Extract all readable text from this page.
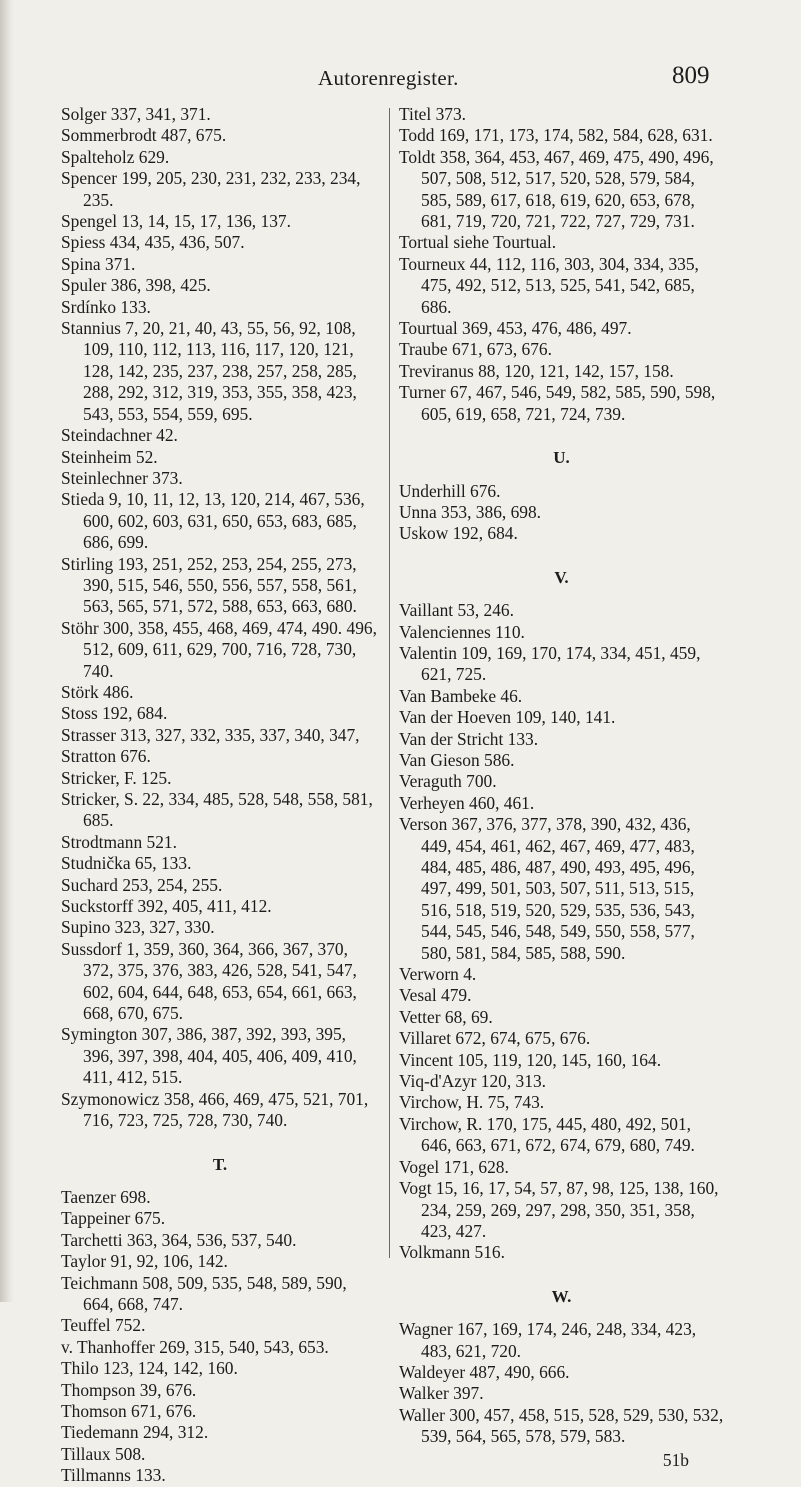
Autorenregister.	809

Solger 337, 341, 371.

Sommerbrodt 487, 675.

Spalteholz 629.

Spencer 199, 205, 230, 231, 232, 233, 234, 235.

Spengel 13, 14, 15, 17, 136, 137.

Spiess 434, 435, 436, 507.

Spina 371.

Spuler 386, 398, 425.

Srdínko 133.

Stannius 7, 20, 21, 40, 43, 55, 56, 92, 108, 109, 110, 112, 113, 116, 117, 120, 121, 128, 142, 235, 237, 238, 257, 258, 285, 288, 292, 312, 319, 353, 355, 358, 423, 543, 553, 554, 559, 695.

Steindachner 42.

Steinheim 52.

Steinlechner 373.

Stieda 9, 10, 11, 12, 13, 120, 214, 467, 536, 600, 602, 603, 631, 650, 653, 683, 685, 686, 699.

Stirling 193, 251, 252, 253, 254, 255, 273, 390, 515, 546, 550, 556, 557, 558, 561, 563, 565, 571, 572, 588, 653, 663, 680.

Stöhr 300, 358, 455, 468, 469, 474, 490. 496, 512, 609, 611, 629, 700, 716, 728, 730, 740.

Störk 486.

Stoss 192, 684.

Strasser 313, 327, 332, 335, 337, 340, 347,

Stratton 676.

Stricker, F. 125.

Stricker, S. 22, 334, 485, 528, 548, 558, 581, 685.

Strodtmann 521.

Studnička 65, 133.

Suchard 253, 254, 255.

Suckstorff 392, 405, 411, 412.

Supino 323, 327, 330.

Sussdorf 1, 359, 360, 364, 366, 367, 370, 372, 375, 376, 383, 426, 528, 541, 547, 602, 604, 644, 648, 653, 654, 661, 663, 668, 670, 675.

Symington 307, 386, 387, 392, 393, 395, 396, 397, 398, 404, 405, 406, 409, 410, 411, 412, 515.

Szymonowicz 358, 466, 469, 475, 521, 701, 716, 723, 725, 728, 730, 740.

T.

Taenzer 698.

Tappeiner 675.

Tarchetti 363, 364, 536, 537, 540.

Taylor 91, 92, 106, 142.

Teichmann 508, 509, 535, 548, 589, 590, 664, 668, 747.

Teuffel 752.

v. Thanhoffer 269, 315, 540, 543, 653.

Thilo 123, 124, 142, 160.

Thompson 39, 676.

Thomson 671, 676.

Tiedemann 294, 312.

Tillaux 508.

Tillmanns 133.

Titel 373.

Todd 169, 171, 173, 174, 582, 584, 628, 631.

Toldt 358, 364, 453, 467, 469, 475, 490, 496, 507, 508, 512, 517, 520, 528, 579, 584, 585, 589, 617, 618, 619, 620, 653, 678, 681, 719, 720, 721, 722, 727, 729, 731.

Tortual siehe Tourtual.

Tourneux 44, 112, 116, 303, 304, 334, 335, 475, 492, 512, 513, 525, 541, 542, 685, 686.

Tourtual 369, 453, 476, 486, 497.

Traube 671, 673, 676.

Treviranus 88, 120, 121, 142, 157, 158.

Turner 67, 467, 546, 549, 582, 585, 590, 598, 605, 619, 658, 721, 724, 739.

U.

Underhill 676.

Unna 353, 386, 698.

Uskow 192, 684.

V.

Vaillant 53, 246.

Valenciennes 110.

Valentin 109, 169, 170, 174, 334, 451, 459, 621, 725.

Van Bambeke 46.

Van der Hoeven 109, 140, 141.

Van der Stricht 133.

Van Gieson 586.

Veraguth 700.

Verheyen 460, 461.

Verson 367, 376, 377, 378, 390, 432, 436, 449, 454, 461, 462, 467, 469, 477, 483, 484, 485, 486, 487, 490, 493, 495, 496, 497, 499, 501, 503, 507, 511, 513, 515, 516, 518, 519, 520, 529, 535, 536, 543, 544, 545, 546, 548, 549, 550, 558, 577, 580, 581, 584, 585, 588, 590.

Verworn 4.

Vesal 479.

Vetter 68, 69.

Villaret 672, 674, 675, 676.

Vincent 105, 119, 120, 145, 160, 164.

Viq-d'Azyr 120, 313.

Virchow, H. 75, 743.

Virchow, R. 170, 175, 445, 480, 492, 501, 646, 663, 671, 672, 674, 679, 680, 749.

Vogel 171, 628.

Vogt 15, 16, 17, 54, 57, 87, 98, 125, 138, 160, 234, 259, 269, 297, 298, 350, 351, 358, 423, 427.

Volkmann 516.

W.

Wagner 167, 169, 174, 246, 248, 334, 423, 483, 621, 720.

Waldeyer 487, 490, 666.

Walker 397.

Waller 300, 457, 458, 515, 528, 529, 530, 532, 539, 564, 565, 578, 579, 583.

51b
